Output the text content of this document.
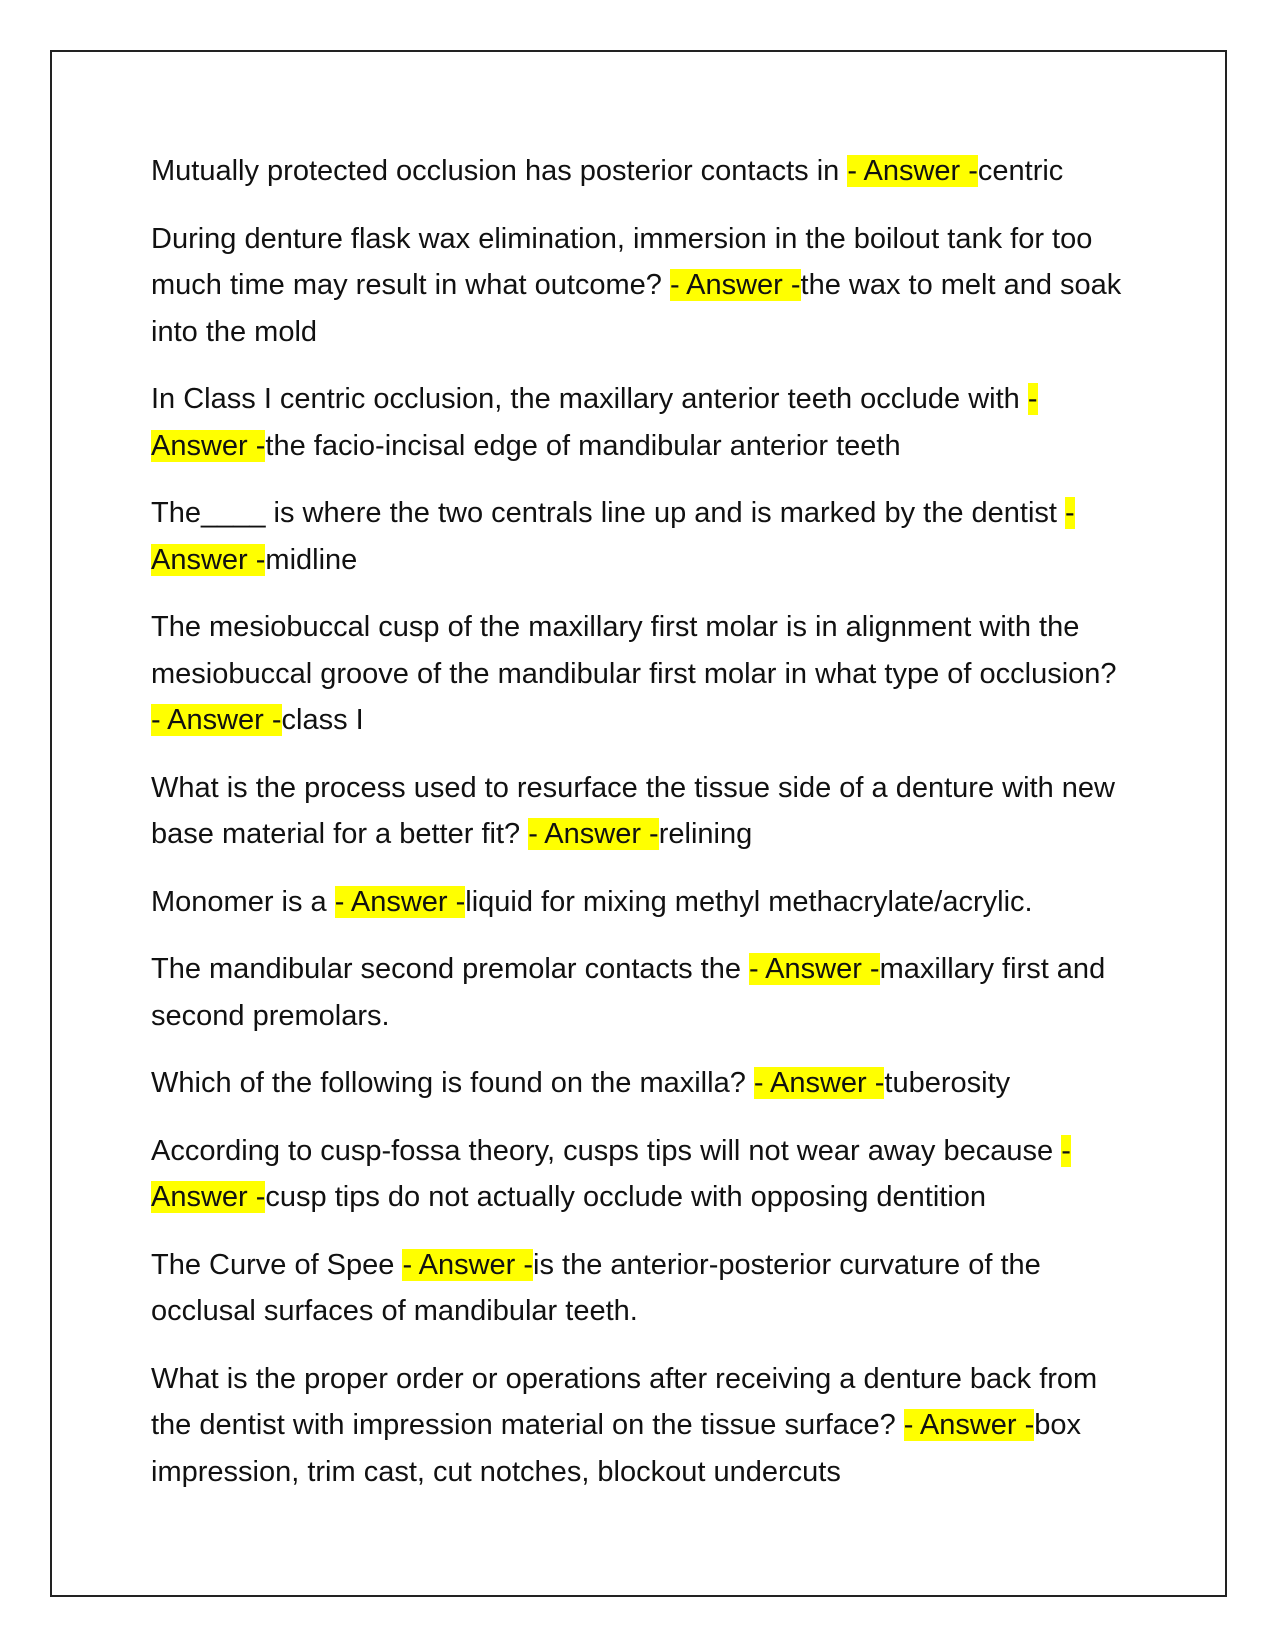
Mutually protected occlusion has posterior contacts in - Answer -centric

During denture flask wax elimination, immersion in the boilout tank for too much time may result in what outcome? - Answer -the wax to melt and soak into the mold

In Class I centric occlusion, the maxillary anterior teeth occlude with - Answer -the facio-incisal edge of mandibular anterior teeth

The____ is where the two centrals line up and is marked by the dentist - Answer -midline

The mesiobuccal cusp of the maxillary first molar is in alignment with the mesiobuccal groove of the mandibular first molar in what type of occlusion? - Answer -class I

What is the process used to resurface the tissue side of a denture with new base material for a better fit? - Answer -relining

Monomer is a - Answer -liquid for mixing methyl methacrylate/acrylic.

The mandibular second premolar contacts the - Answer -maxillary first and second premolars.

Which of the following is found on the maxilla? - Answer -tuberosity

According to cusp-fossa theory, cusps tips will not wear away because - Answer -cusp tips do not actually occlude with opposing dentition

The Curve of Spee - Answer -is the anterior-posterior curvature of the occlusal surfaces of mandibular teeth.

What is the proper order or operations after receiving a denture back from the dentist with impression material on the tissue surface? - Answer -box impression, trim cast, cut notches, blockout undercuts
